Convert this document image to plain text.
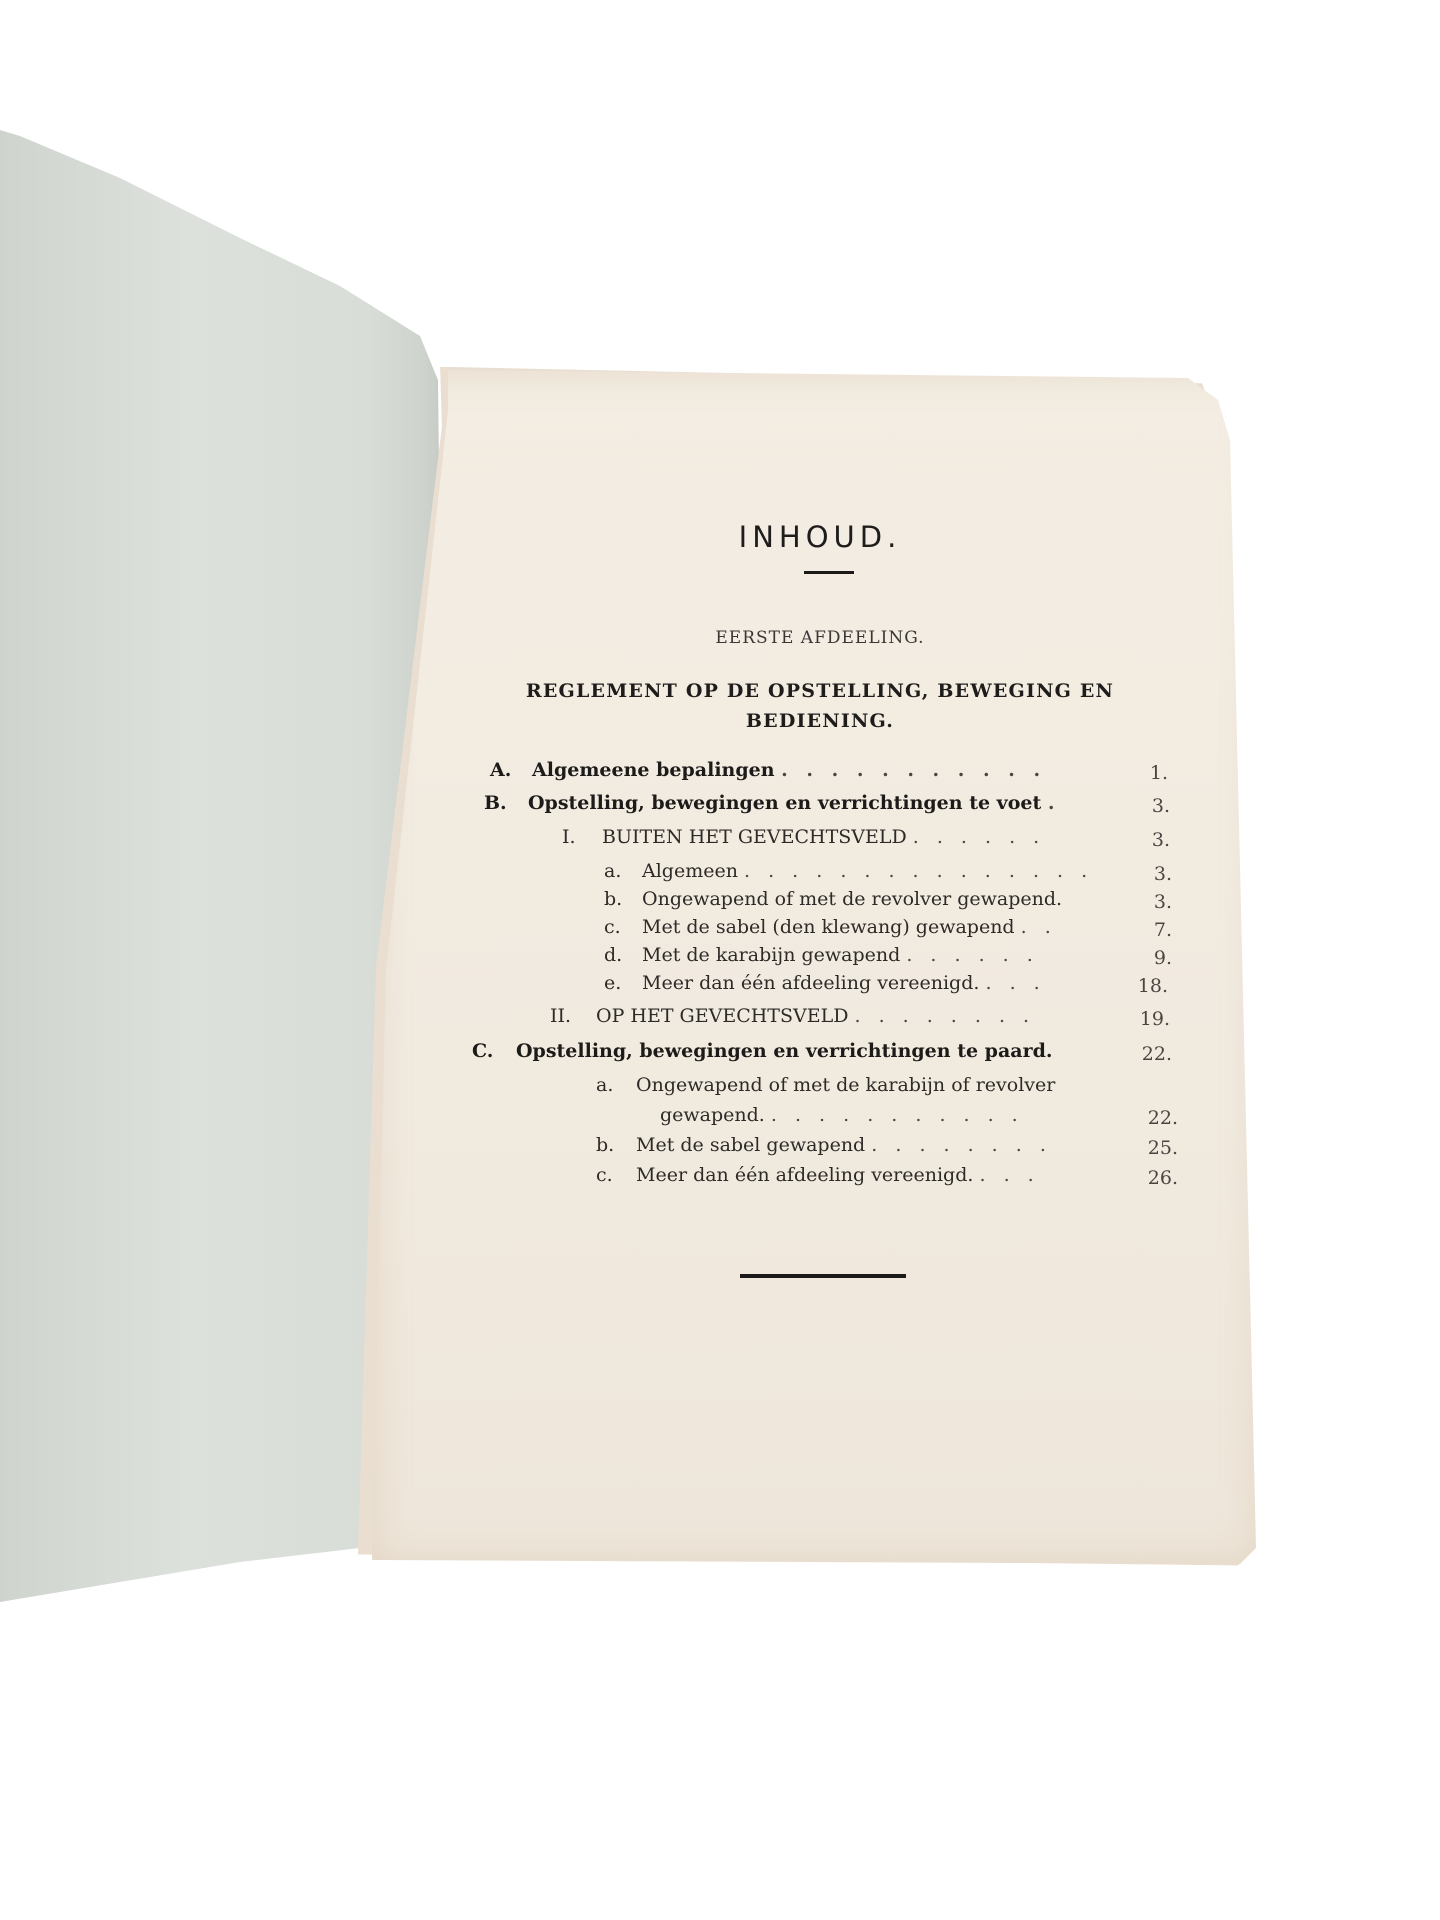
INHOUD.
EERSTE AFDEELING.
REGLEMENT OP DE OPSTELLING, BEWEGING EN
BEDIENING.
A. Algemeene bepalingen . . . . . . . . . . .	1.
B. Opstelling, bewegingen en verrichtingen te voet .	3.
I. BUITEN HET GEVECHTSVELD . . . . . .	3.
a. Algemeen . . . . . . . . . . . . . . .	3.
b. Ongewapend of met de revolver gewapend.	3.
c. Met de sabel (den klewang) gewapend . .	7.
d. Met de karabijn gewapend . . . . . .	9.
e. Meer dan één afdeeling vereenigd. . . .	18.
II. OP HET GEVECHTSVELD . . . . . . . .	19.
C. Opstelling, bewegingen en verrichtingen te paard.	22.
a. Ongewapend of met de karabijn of revolver
gewapend. . . . . . . . . . . .	22.
b. Met de sabel gewapend . . . . . . . .	25.
c. Meer dan één afdeeling vereenigd. . . .	26.
